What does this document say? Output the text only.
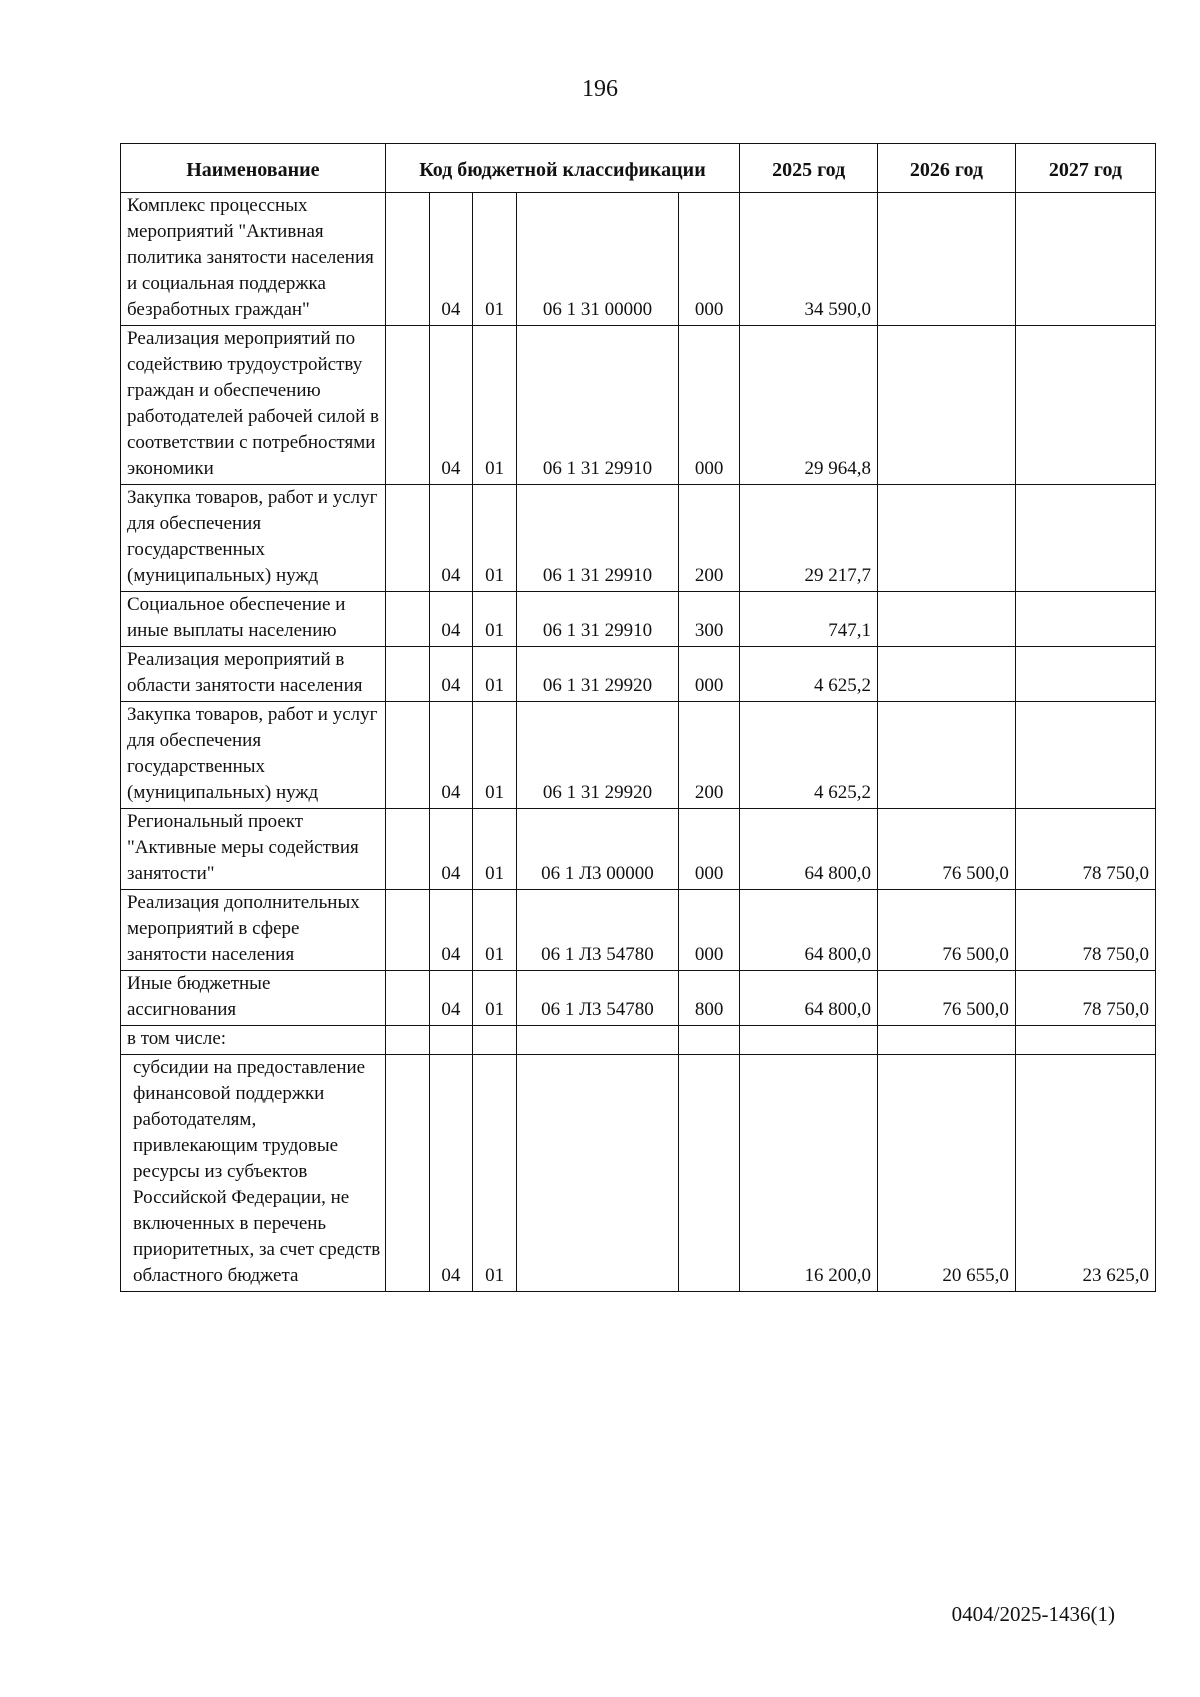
196
Наименование	Код бюджетной классификации					2025 год	2026 год	2027 год
Комплекс процессных мероприятий "Активная политика занятости населения и социальная поддержка безработных граждан"		04	01	06 1 31 00000	000	34 590,0		
Реализация мероприятий по содействию трудоустройству граждан и обеспечению работодателей рабочей силой в соответствии с потребностями экономики		04	01	06 1 31 29910	000	29 964,8		
Закупка товаров, работ и услуг для обеспечения государственных (муниципальных) нужд		04	01	06 1 31 29910	200	29 217,7		
Социальное обеспечение и иные выплаты населению		04	01	06 1 31 29910	300	747,1		
Реализация мероприятий в области занятости населения		04	01	06 1 31 29920	000	4 625,2		
Закупка товаров, работ и услуг для обеспечения государственных (муниципальных) нужд		04	01	06 1 31 29920	200	4 625,2		
Региональный проект "Активные меры содействия занятости"		04	01	06 1 Л3 00000	000	64 800,0	76 500,0	78 750,0
Реализация дополнительных мероприятий в сфере занятости населения		04	01	06 1 Л3 54780	000	64 800,0	76 500,0	78 750,0
Иные бюджетные ассигнования		04	01	06 1 Л3 54780	800	64 800,0	76 500,0	78 750,0
в том числе:								
субсидии на предоставление финансовой поддержки работодателям, привлекающим трудовые ресурсы из субъектов Российской Федерации, не включенных в перечень приоритетных, за счет средств областного бюджета		04	01			16 200,0	20 655,0	23 625,0
0404/2025-1436(1)
